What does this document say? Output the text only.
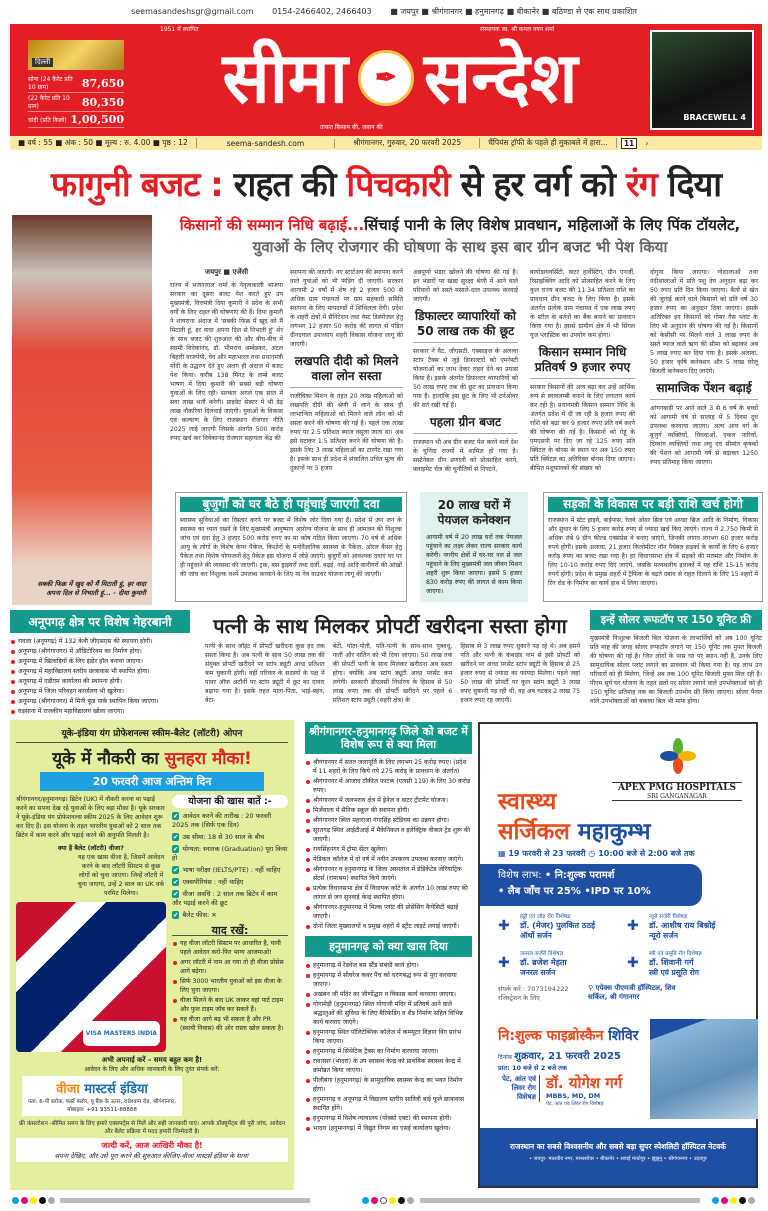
seemasandeshsgr@gmail.com 0154-2466402, 2466403 ■ जयपुर ■ श्रीगंगानगर ■ हनुमानगढ़ ■ बीकानेर ■ बठिण्डा से एक साथ प्रकाशित
दिल्ली
सोना (24 कैरेट प्रति 10 ग्राम)	87,650
(22 कैरेट प्रति 10 ग्राम)	80,350
चांदी (प्रति किलो) 1,00,500
1951 में स्थापित	संस्थापक स्व. श्री कमल नयन शर्मा
सीमा	✒ सन्देश
ताकत किसान की, जवान की
BRACEWELL 4
■ वर्ष : 55 ■ अंक : 50 ■ मूल्य : रु. 4.00 ■ पृष्ठ : 12	seema-sandesh.com	श्रीगंगानगर, गुरुवार, 20 फरवरी 2025	चैंपियंस ट्रॉफी के पहले ही मुकाबले में हारा...	11	›
फागुनी बजट : राहत की पिचकारी से हर वर्ग को रंग दिया
किसानों की सम्मान निधि बढ़ाई...सिंचाई पानी के लिए विशेष प्रावधान, महिलाओं के लिए पिंक टॉयलेट, युवाओं के लिए रोजगार की घोषणा के साथ इस बार ग्रीन बजट भी पेश किया
सबकी फिक्र में खुद को मैं मिटाती हूं, हर वादा अपना दिल से निभाती हूं... - दीया कुमारी
जयपुर ■ एजेंसी

राज्य में भजनलाल शर्मा के नेतृत्वकाली भाजपा सरकार का दूसरा बजट पेश करते हुए उप मुख्यमंत्री, वित्तमंत्री दिया कुमारी ने प्रदेश के सभी वर्गों के लिए राहत की घोषणाएं की हैं। दिया कुमारी ने शायराना अंदाज में 'सबकी फिक्र में खुद को मैं मिटाती हूं, हर वादा अपना दिल से निभाती हूं' शेर के साथ बजट की शुरुआत की और बीच-बीच में स्वामी विवेकानंद, डॉ. भीमराव अम्बेडकर, अटल बिहारी वाजपेयी, वेद और महाभारत तथा प्रधानमंत्री मोदी के उद्धरण देते हुए अलग ही अंदाज में बजट पेश किया। करीब 138 मिनट के लम्बे बजट भाषण में दिया कुमारी की सबसे बड़ी घोषणा युवाओं के लिए रही। सरकार अगले एक साल में सवा लाख भर्ती करेगी। प्राइवेट सेक्टर में भी डेढ़ लाख नौकरियां दिलवाई जाएंगी। युवाओं के विकास एवं कल्याण के लिए राजस्थान रोजगार नीति 2025 लाई जाएगी जिसके अंतर्गत 500 करोड़ रुपए खर्च कर विवेकानंद रोजगार सहायता केंद्र की

स्थापना की जाएगी। नए स्टार्टअप की स्थापना करने वाले युवाओं को भी फंडिंग दी जाएगी। सरकार आगामी 2 वर्षों में शेष रहे 2 हजार 500 से अधिक ग्राम पंचायतों पर ग्राम सहकारी समिति स्थापना के लिए मापदण्डों में शिथिलता देगी। प्रदेश के शहरी क्षेत्रों में सैनिटेशन तथा वेस्ट डिस्पोजल हेतु लगभग 12 हजार 50 करोड़ की लागत से पंडित दीनदयाल उपाध्याय शहरी विकास योजना लागू की जाएगी।

लखपति दीदी को मिलने वाला लोन सस्ता

राजीविका मिशन के तहत 20 लाख महिलाओं को लखपति दीदी की श्रेणी में लाने के साथ ही लाभान्वित महिलाओं को मिलने वाले लोन को भी सस्ता करने की घोषणा की गई है। पहले एक लाख रुपए पर 2.5 प्रतिशत ब्याज वसूला जाता था। अब इसे घटाकर 1.5 प्रतिशत करने की घोषणा की है। इसके लिए 3 लाख महिलाओं का टारगेट रखा गया है। इसके साथ ही प्रदेश में संचालित उचित मूल्य की दुकानों पर 5 हजार

अन्नपूर्णा भंडार खोलने की घोषणा की गई है। इन भंडारों पर खाद्य सुरक्षा श्रेणी में आने वाले परिवारों को सस्ते मसाले-दाल उपलब्ध करवाई जाएंगी।

डिफाल्टर व्यापारियों को 50 लाख तक की छूट

सरकार ने वैट, जीएसटी, एक्साइज के अलावा स्टांप टैक्स से जुड़े डिफाल्टरों को एमनेस्टी योजनाओं का लाभ देकर राहत देने का प्रयास किया है। इसके अंतर्गत डिफाल्टर व्यापारियों को 50 लाख रुपए तक की छूट का प्रावधान किया गया है। हालांकि इस छूट के लिए भी टर्नओवर की शर्त रखी गई है।

पहला ग्रीन बजट

राजस्थान भी अब ग्रीन बजट पेश करने वाले देश के चुनिंदा राज्यों में शामिल हो गया है। सस्टेनेबल ग्रीन प्रणाली को प्रोत्साहित करने, क्लाइमेट चेंज की चुनौतियों से निपटने,

बायोडायवर्सिटी, वाटर हार्वेस्टिंग, ग्रीन एनर्जी, रिसाइक्लिंग आदि को प्रोत्साहित करने के लिए कुल राज्य बजट की 11.34 प्रतिशत राशि का प्रावधान ग्रीन बजट के लिए किया है। इसके अंतर्गत प्रत्येक ग्राम पंचायत में एक लाख रुपए के स्टील के बर्तनों का बैंक बनाने का प्रावधान किया गया है। इससे ग्रामीण क्षेत्र में भी सिंगल यूज प्लास्टिक का उपयोग कम होगा।

किसान सम्मान निधि प्रतिवर्ष 9 हजार रुपए

सरकार किसानों की आय बढ़ा कर उन्हें आर्थिक रूप से स्वावलम्बी बनाने के लिए लगातार कार्य कर रही है। प्रधानमंत्री किसान सम्मान निधि के अंतर्गत प्रदेश में दी जा रही 8 हजार रुपए की राशि को बढ़ा कर 9 हजार रुपए प्रति वर्ष करने की घोषणा की गई है। किसानों को गेहूं के एमएसपी पर दिए जा रहे 125 रुपए प्रति क्विंटल के बोनस के स्थान पर अब 150 रुपए प्रति क्विंटल का अतिरिक्त बोनस दिया जाएगा। बीमित पशुपालकों की संख्या को

दोगुना किया जाएगा। गोशालाओं तथा नंदीशालाओं में प्रति पशु देय अनुदान बढ़ा कर 50 रुपए प्रति दिन किया जाएगा। बैलों से खेत की जुताई करने वाले किसानों को प्रति वर्ष 30 हजार रुपए का अनुदान दिया जाएगा। इसके अतिरिक्त इन किसानों को गोबर गैस प्लांट के लिए भी अनुदान की घोषणा की गई है। किसानों को केसीसी पर मिलने वाले 3 लाख रुपए के सस्ते ब्याज वाले ऋण की सीमा को बढ़ाकर अब 5 लाख रुपए कर दिया गया है। इसके अलावा, 50 हजार कृषि कनेक्शन और 5 लाख घरेलू बिजली कनेक्शन दिए जाएंगे।

सामाजिक पेंशन बढ़ाई

आंगनबाड़ी पर आने वाले 3 से 6 वर्ष के बच्चों को आगामी वर्ष से सप्ताह में 5 दिवस दूध उपलब्ध करवाया जाएगा। अल्प आय वर्ग के बुजुर्ग व्यक्तियों, विधवाओं, एकल नारियों, दिव्यांग व्यक्तियों तथा लघु एवं सीमांत कृषकों की पेंशन को आगामी वर्ष से बढ़ाकर 1250 रुपए प्रतिमाह किया जाएगा।

बुजुर्गों को घर बैठे ही पहुंचाई जाएगी दवा

स्वास्थ्य सुविधाओं का विस्तार करने पर बजट में विशेष जोर दिया गया है। प्रदेश में जन जन के स्वास्थ्य का ध्यान रखने के लिए मुख्यमंत्री आयुष्मान आरोग्य योजना के साथ ही आमजन की निशुल्क जांच एवं दवा हेतु 3 हजार 500 करोड़ रुपए का मा कोष गठित किया जाएगा। 70 वर्ष से अधिक आयु के लोगों के विशेष केयर पैकेज, किशोरों के मनोवैज्ञानिक स्वास्थ्य के पैकेज, ओरल कैंसर हेतु पैकेज तथा विशेष योग्यजनों हेतु पैकेज इस योजना में जोड़े जाएंगे। बुजुर्गों को आवश्यक दवाएं घर पर ही पहुंचाने की व्यवस्था की जाएगी। ट्रक, बस ड्राइवरों तथा दर्जी, बढ़ई, नाई आदि कारीगरों की आंखों की जांच कर निशुल्क चश्मे उपलब्ध करवाने के लिए मा नेत्र वाउचर योजना लागू की जाएगी।

20 लाख घरों में पेयजल कनेक्शन

आगामी वर्ष में 20 लाख घरों तक पेयजल पहुंचाने का लक्ष्य लेकर राज्य सरकार कार्य करेगी। नगरीय क्षेत्रों में घर-घर नल से जल पहुंचाने के लिए मुख्यमंत्री जल जीवन मिशन शहरी शुरू किया जाएगा। इसमें 5 हजार 830 करोड़ रुपए की लागत से काम किया जाएगा।

सड़कों के विकास पर बड़ी राशि खर्च होगी

राजस्थान में स्टेट हाइवे, बाईपास, रेलवे ओवर ब्रिज एवं अण्डर ब्रिज आदि के निर्माण, विकास और सुधार के लिए 5 हजार करोड़ रुपए से ज्यादा खर्च किए जाएंगे। राज्य में 2,750 किमी से अधिक लंबे 9 ग्रीन फील्ड एक्सप्रेस वे बनाए जाएंगे, जिनकी लागत लगभग 60 हजार करोड़ रुपये होगी। इसके अलावा, 21 हजार किलोमीटर नॉन पैचेबल सड़कों के कार्यों के लिए 6 हजार करोड़ रुपए का बजट रखा गया है। हर विधानसभा क्षेत्र में सड़कों की मरम्मत और निर्माण के लिए 10-10 करोड़ रुपए दिए जाएंगे, जबकि मरुस्थलीय इलाकों में यह राशि 15-15 करोड़ रुपये होगी। प्रदेश के प्रमुख शहरों में ट्रैफिक के बढ़ते दबाव से राहत दिलाने के लिए 15 शहरों में रिंग रोड के निर्माण का कार्य हाथ में लिया जाएगा।

अनूपगढ़ क्षेत्र पर विशेष मेहरबानी
रावला (अनूपगढ़) में 132 केवी जीएसएस की स्थापना होगी।
अनूपगढ़ (श्रीगंगानगर) में ऑडिटोरियम का निर्माण होगा।
अनूपगढ़ में खिलाड़ियों के लिए इंडोर हॉल बनाया जाएगा।
अनूपगढ़ में महाविद्यालय स्तरीय छात्रावास भी स्थापित होगा।
अनूपगढ़ में एडीएम कार्यालय की स्थापना होगी।
अनूपगढ़ में जिला परिवहन कार्यालय भी खुलेगा।
अनूपगढ़ (श्रीगंगानगर) में मिनी फूड पार्क स्थापित किया जाएगा।
घड़साना में राजकीय महाविद्यालय खोला जाएगा।
पत्नी के साथ मिलकर प्रोपर्टी खरीदना सस्ता होगा

पत्नी के साथ जॉइंट में प्रोपर्टी खरीदना कुछ हद तक सस्ता किया है। अब पत्नी के साथ 50 लाख तक की संयुक्त प्रोपर्टी खरीदने पर स्टांप ड्यूटी आधा प्रतिशत कम चुकानी होगी। वहीं परिवार के सदस्यों के पक्ष में पावर ऑफ अटॉर्नी पर स्टांप ड्यूटी में छूट का दायरा बढ़ाया गया है। इसके तहत माता-पिता, भाई-बहन, बेटा-

बेटी, पोता-पोती, पति-पत्नी के साथ-साथ पुत्रवधू, नाती और नातिन को भी दिया जाएगा। 50 लाख तक की प्रोपर्टी पत्नी के साथ मिलकर खरीदना अब सस्ता होगा। क्योंकि अब स्टांप ड्यूटी आधा परसेंट कम लगेगी। सरकारी डीएलसी निर्धारण के हिसाब से 50 लाख रुपए तक की प्रोपर्टी खरीदने पर पहले 6 प्रतिशत स्टांप ड्यूटी (शहरी क्षेत्र) के

हिसाब से 3 लाख रुपए चुकाने पड़ रहे थे। अब इसमें पति और पत्नी के कंबाइंड नाम से इसी प्रोपर्टी को खरीदने पर आधा परसेंट स्टांप ड्यूटी के हिसाब से 25 हजार रुपए से ज्यादा का फायदा मिलेगा। पहले जहां 50 लाख की प्रोपर्टी पर कुल स्टांप ड्यूटी 3 लाख रुपए चुकानी पड़ रही थी, वह अब घटकर 2 लाख 75 हजार रुपए रह जाएगी।

इन्हें सोलर रूफटॉप पर 150 यूनिट फ्री

मुख्यमंत्री निःशुल्क बिजली बिल योजना के लाभार्थियों को अब 100 यूनिट प्रति माह की जगह सोलर रूफटॉप लगाने पर 150 यूनिट तक मुफ्त बिजली की घोषणा की गई है। जिन लोगों के पास घर पर स्थान नहीं है, उनके लिए सामुदायिक सोलर प्लांट लगाने का प्रावधान भी किया गया है। यह लाभ उन परिवारों को ही मिलेगा, जिन्हें अब तक 100 यूनिट बिजली मुफ्त मिल रही है। पीएम सूर्य घर योजना के तहत छतों पर सोलर लगाने वाले उपभोक्ताओं को ही 150 यूनिट प्रतिमाह तक का बिजली उपभोग फ्री किया जाएगा। सोलर पैनल वाले उपभोक्ताओं को बकाया बिल भी माफ होगा।

यूके-इंडिया यंग प्रोफेशनल्स स्कीम-बैलेट (लॉटरी) ओपन
यूके में नौकरी का सुनहरा मौका!
20 फरवरी आज अन्तिम दिन

श्रीगंगानगर/हनुमानगढ़। ब्रिटेन (UK) में नौकरी करना या पढ़ाई करने का सपना देख रहे युवाओं के लिए बड़ा मौका है। यूके सरकार ने यूके-इंडिया यंग प्रोफेशनल्स स्कीम 2025 के लिए आवेदन शुरू कर दिए हैं। इस योजना के तहत भारतीय युवाओं को 2 साल तक ब्रिटेन में काम करने और पढ़ाई करने की अनुमति मिलती है।

क्या है बैलेट (लॉटरी) वीजा?

यह एक खास वीजा है, जिसमें आवेदन करने के बाद लॉटरी सिस्टम से कुछ लोगों को चुना जाएगा। जिन्हें लॉटरी में चुना जाएगा, उन्हें 2 साल का UK वर्क परमिट मिलेगा।

VISA MASTERS INDIA
योजना की खास बातें :-
✔ आवेदन करने की तारीख : 20 फरवरी 2025 तक (सिर्फ एक दिन)
✔ उम्र सीमा: 18 से 30 साल के बीच
✔ योग्यता: स्नातक (Graduation) पूरा किया हो
✔ भाषा परीक्षा (IELTS/PTE) : नहीं चाहिए
✔ एक्सपीरियंस : नहीं चाहिए
✔ वीजा अवधि : 2 साल तक ब्रिटेन में काम और पढ़ाई करने की छूट
✔ बैलेट फीस: ✕
याद रखें:
यह वीजा लॉटरी सिस्टम पर आधारित है, यानी पहले आवेदन करो-फिर भाग्य आजमाओ!
अगर लॉटरी में नाम आ गया तो ही वीजा प्रोसेस आगे बढ़ेगा।
सिर्फ 3000 भारतीय युवाओं को इस वीजा के लिए चुना जाएगा।
वीजा मिलने के बाद UK जाकर वहां पार्ट टाइम और फुल टाइम जॉब कर सकते हैं।
यह वीजा आगे बढ़ भी सकता है और PR (स्थायी निवास) की ओर रास्ता खोल सकता है।

अभी अपनाई करें – समय बहुत कम है!

आवेदन के लिए और अधिक जानकारी के लिए तुरंत संपर्क करें:

वीजा मास्टर्स इंडिया
पता: 6-पी ब्लॉक, फर्स्ट फ्लोर, यू बैंक के ऊपर, राधेश्याम रोड, श्रीगंगानगर, मोबाइल: +91 93511-88888

फ्री कंसल्टेशन -सीमित समय के लिए हमारे एक्सपर्ट्स से मिलें और सही जानकारी पाएं। आपके डॉक्यूमेंट्स की पूरी जांच, आवेदन और बैलेट प्रक्रिया में मदद हमारी जिम्मेदारी है।

जल्दी करें, आज आखिरी मौका है!
सपना देखिए, और उसे पूरा करने की शुरुआत कीजिए-वीजा मास्टर्स इंडिया के साथ!
श्रीगंगानगर-हनुमानगढ़ जिले को बजट में विशेष रूप से क्या मिला
श्रीगंगानगर में सतत जलापूर्ति के लिए लगभग 25 करोड़ रुपए। (प्रदेश में 11 शहरों के लिए किये गये 275 करोड़ के प्रावधान के अंतर्गत)
श्रीगंगानगर में आजाद टॉकीज फाटक (एलसी 119) के लिए 30 करोड़ रुपए।
श्रीगंगानगर में जलभराव क्षेत्र में ड्रेनेज व वाटर ट्रीटमेंट योजना।
मिर्जेवाला में सैनिक स्कूल की स्थापना होगी।
श्रीगंगानगर स्थित महाराजा गंगासिंह स्टेडियम का उन्नयन होगा।
सूरतगढ़ स्थित आईटीआई में मैकेनिकल व इलेक्ट्रिक वीकल ट्रेड शुरू की जाएगी।
रायसिंहनगर में ट्रोमा सेंटर खुलेगा।
मेडिकल कॉलेज में दो वर्ष में नवीन उपकरण उपलब्ध करवाए जाएंगे।
श्रीगंगानगर व हनुमानगढ़ के जिला अस्पताल में डेडिकेटेड जेरियाट्रिक सेंटर्स (रामाश्रम) स्थापित किये जाएंगे।
प्रत्येक विधानसभा क्षेत्र में विधायक कोटे के अंतर्गत 10 लाख रुपए की लागत से जन सुनवाई केन्द्र स्थापित होगा।
श्रीगंगानगर-हनुमानगढ़ में मिल्क प्लांट की प्रोसेसिंग कैपेसिटी बढ़ाई जाएगी।
दोनों जिला मुख्यालयों व प्रमुख शहरों में स्ट्रीट लाइटें लगाई जाएंगी।
हनुमानगढ़ को क्या खास दिया
हनुमानगढ़ में रेडवेज बस स्टैंड संबंधी कार्य होगा।
हनुमानगढ़ में सीवरेज कवर पैच को चरणबद्ध रूप से पूरा करवाया जाएगा।
अखबन जी मंदिर का जीर्णोद्धार व विकास कार्य करवाया जाएगा।
गोगामेड़ी (हनुमानगढ़) स्थित गोगाजी मंदिर में प्रतिवर्ष आने वाले श्रद्धालुओं की सुविधा के लिए बैरिकेडिंग व शैड निर्माण सहित विभिन्न कार्य करवाए जाएंगे।
हनुमानगढ़ स्थित पॉलिटेक्निक कॉलेज में कम्प्यूटर विज्ञान विंग प्रारंभ किया जाएगा।
हनुमानगढ़ में सिंथेटिक ट्रैक्स का निर्माण करवाया जाएगा।
रावतसर (भादरा) के उप स्वास्थ्य केन्द्र को प्राथमिक स्वास्थ्य केन्द्र में क्रमोन्नत किया जाएगा।
पीलीबंगा (हनुमानगढ़) के सामुदायिक स्वास्थ्य केन्द्र का भवन निर्माण होगा।
हनुमानगढ़ व अनूपगढ़ में विद्यालय स्तरीय सावित्री बाई फूले छात्रावास स्थापित होंगे।
हनुमानगढ़ में विशेष न्यायालय (पोक्सो एक्ट) की स्थापना होगी।
भादरा (हनुमानगढ़) में विद्युत निगम का एसई कार्यालय खुलेगा।
APEX PMG HOSPITALS
SRI GANGANAGAR
स्वास्थ्य
सर्जिकल महाकुम्भ
▦ 19 फरवरी से 23 फरवरी ◷ 10:00 बजे से 2:00 बजे तक
विशेष लाभ: • नि:शुल्क परामर्श
• लैब जाँच पर 25% •IPD पर 10%
✚
हड्डी एवं जोड़ रोग विशेषज्ञ
डॉ. (मेजर) पुलकित ठठई
ऑर्थो सर्जन
✚
न्यूरो सर्जरी विशेषज्ञ
डॉ. आशीष राय बिश्नोई
न्यूरो सर्जन
✚
जनरल सर्जरी विशेषज्ञ
डॉ. ब्रजेश मेहता
जनरल सर्जन
✚
स्त्री एवं प्रसूति रोग विशेषज्ञ
डॉ. शिवानी गर्ग
स्त्री एवं प्रसूति रोग
संपर्क करें : 7073194222 रजिस्ट्रेशन के लिए
⚲ एपेक्स पीएमजी हॉस्पिटल, शिव सर्किल, श्री गंगानगर
नि:शुल्क फाइब्रोस्कैन शिविर
दिनांक शुक्रवार, 21 फरवरी 2025
प्रात: 10 बजे से 2 बजे तक
पेट, आंत एवं लिवर रोग विशेषज्ञ
डॉ. योगेश गर्ग
MBBS, MD, DM
पेट, आंत एवं लिवर रोग विशेषज्ञ
राजस्थान का सबसे विश्वसनीय और सबसे बड़ा सुपर स्पेशलिटी हॉस्पिटल नेटवर्क
• जयपुर- मालवीय नगर, मानसरोवर • बीकानेर • सवाई माधोपुर • झुंझुनू • श्रीगंगानगर • उदयपुर
